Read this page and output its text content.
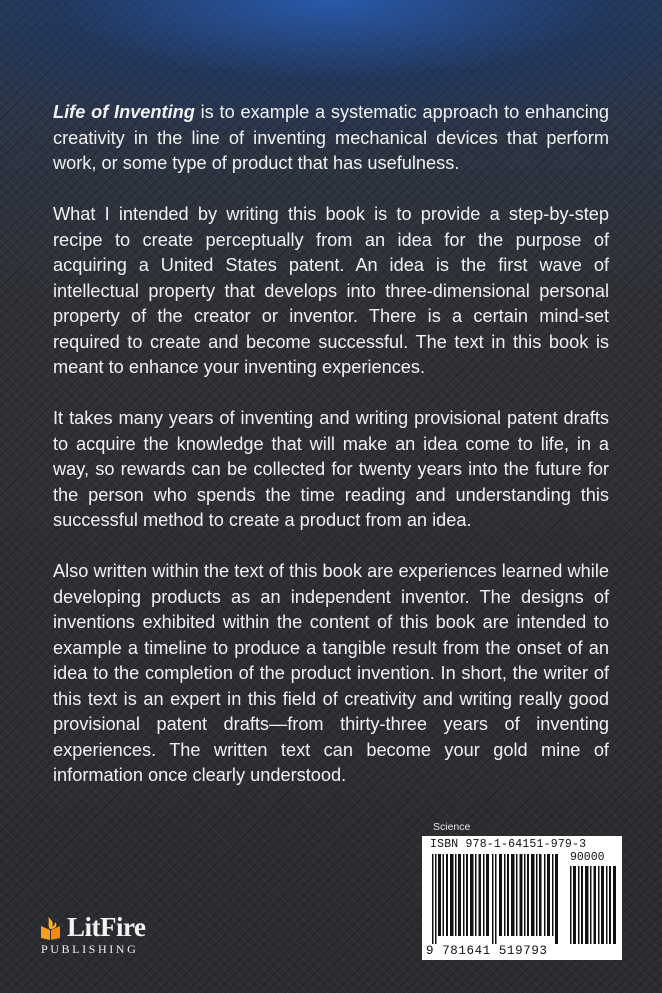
Life of Inventing is to example a systematic approach to enhancing creativity in the line of inventing mechanical devices that perform work, or some type of product that has usefulness.

What I intended by writing this book is to provide a step-by-step recipe to create perceptually from an idea for the purpose of acquiring a United States patent. An idea is the first wave of intellectual property that develops into three-dimensional personal property of the creator or inventor. There is a certain mind-set required to create and become successful. The text in this book is meant to enhance your inventing experiences.

It takes many years of inventing and writing provisional patent drafts to acquire the knowledge that will make an idea come to life, in a way, so rewards can be collected for twenty years into the future for the person who spends the time reading and understanding this successful method to create a product from an idea.

Also written within the text of this book are experiences learned while developing products as an independent inventor. The designs of inventions exhibited within the content of this book are intended to example a timeline to produce a tangible result from the onset of an idea to the completion of the product invention. In short, the writer of this text is an expert in this field of creativity and writing really good provisional patent drafts—from thirty-three years of inventing experiences. The written text can become your gold mine of information once clearly understood.

LitFire
PUBLISHING
Science
ISBN 978-1-64151-979-3
90000
9 781641 519793
